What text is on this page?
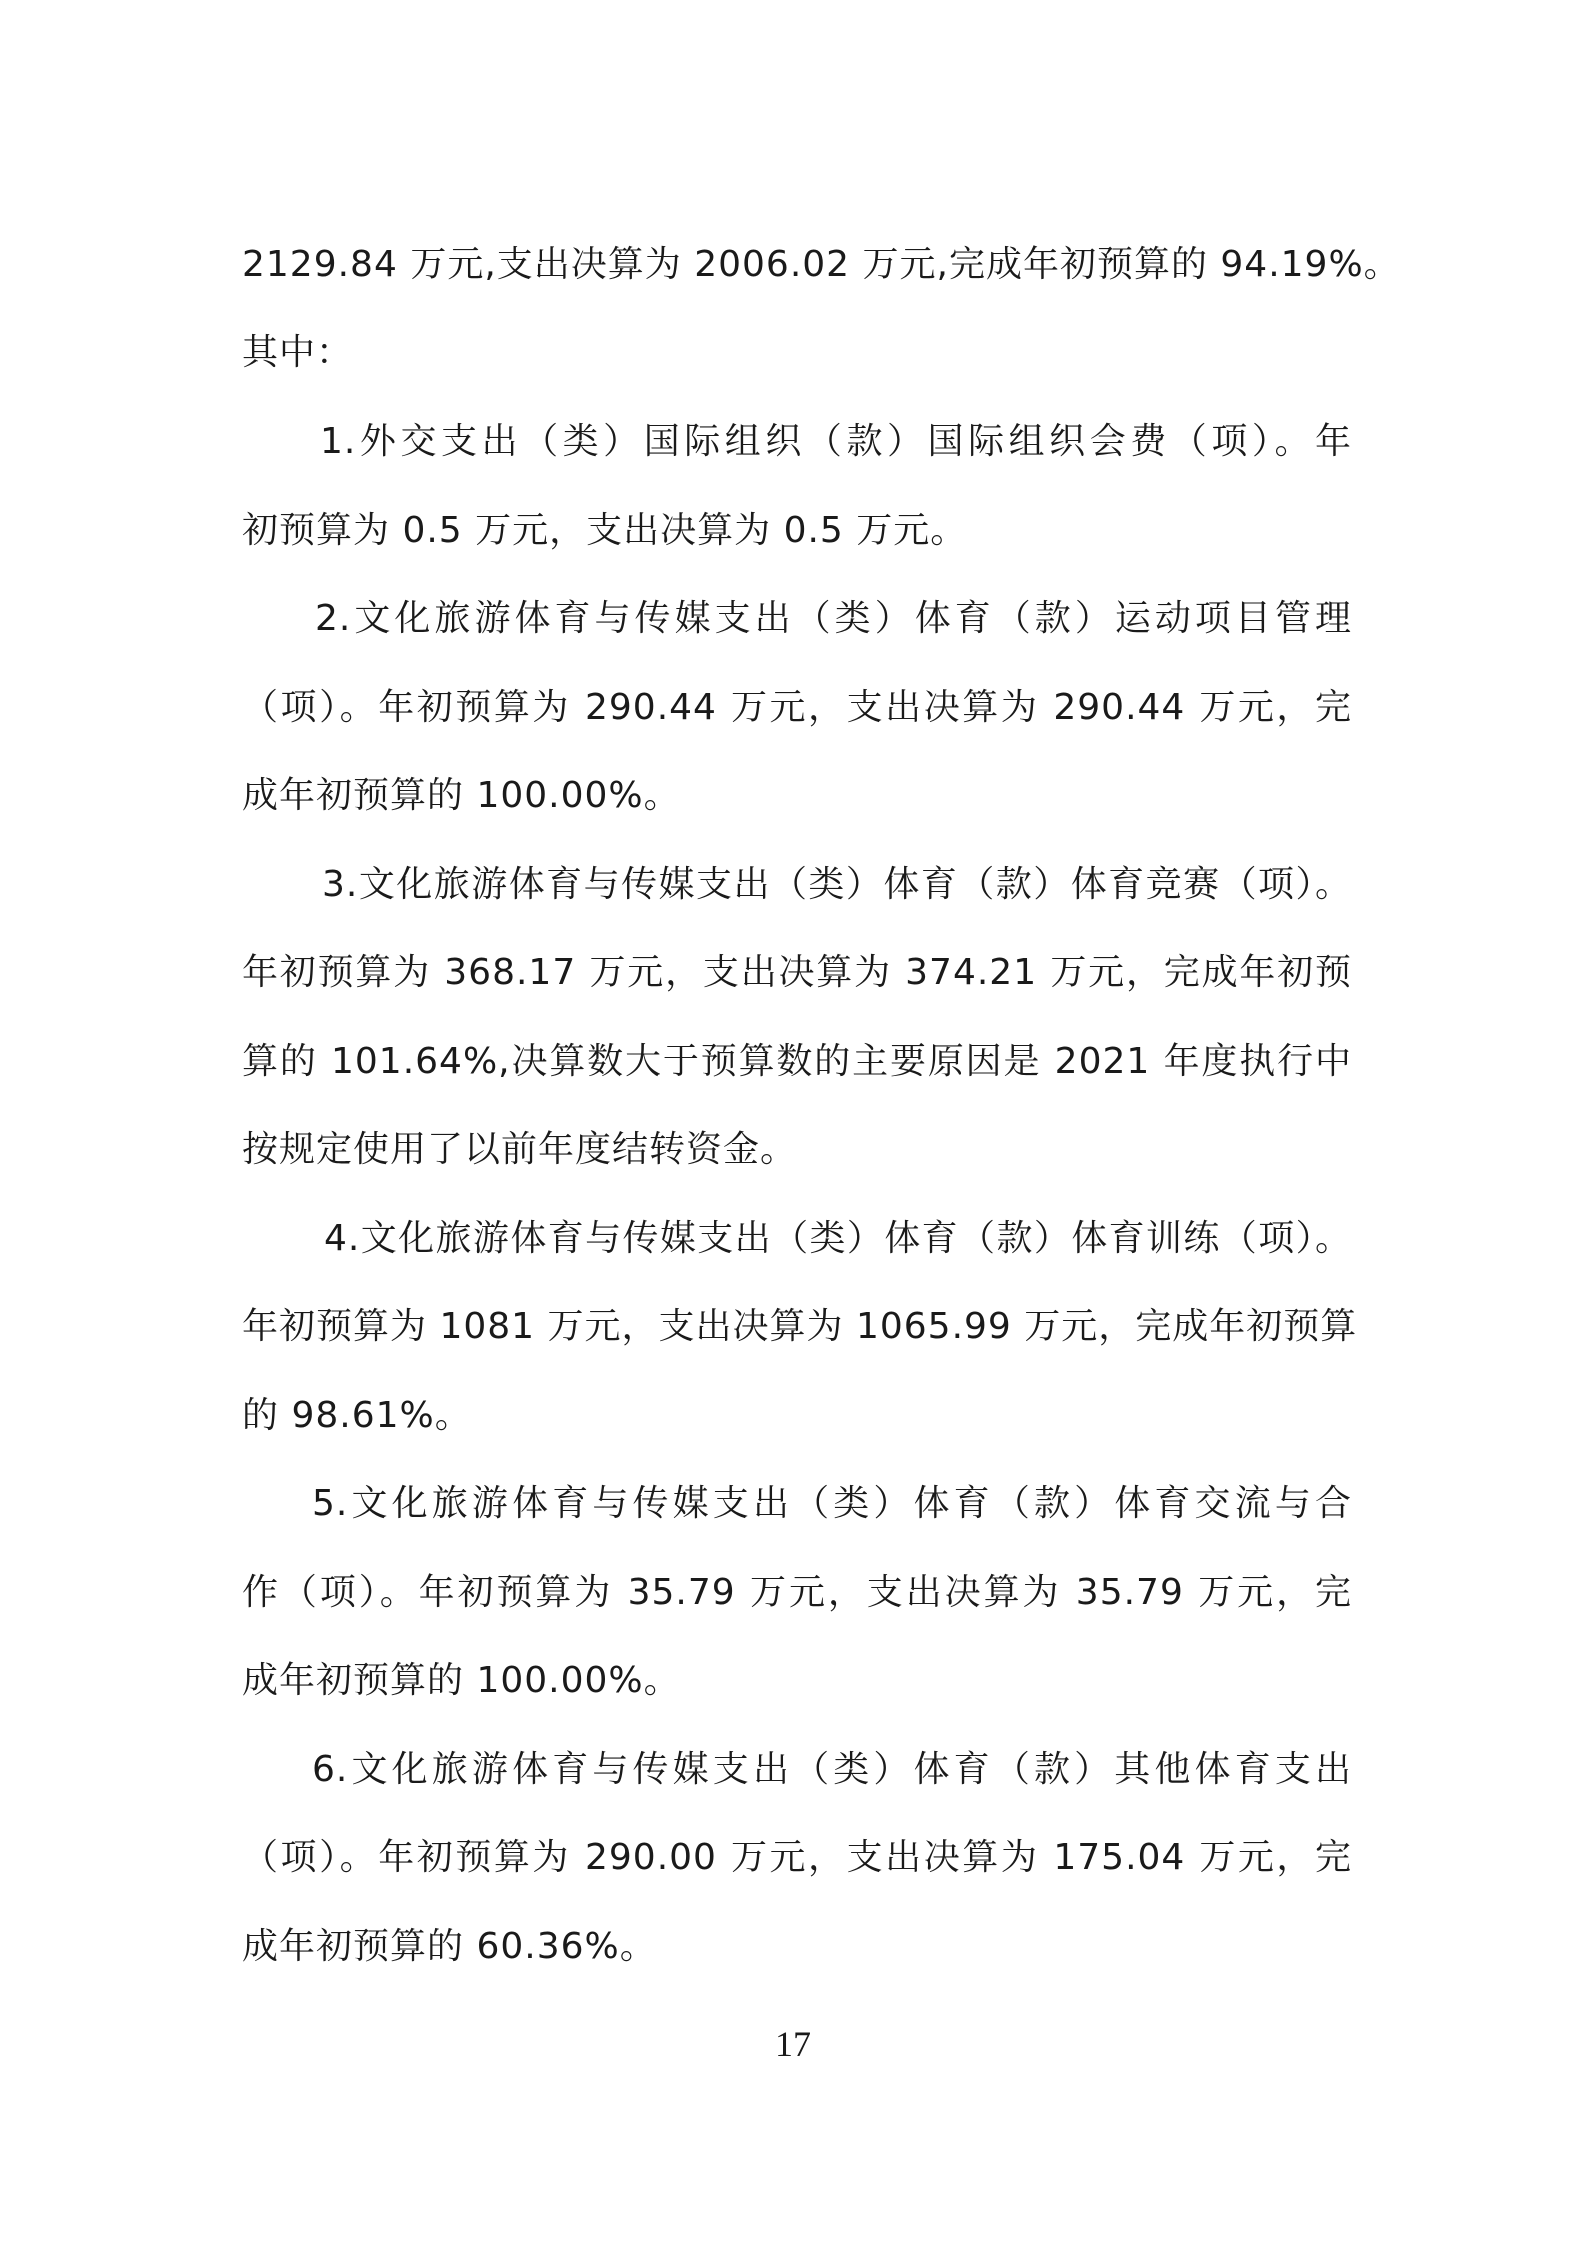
2129.84 万元,支出决算为 2006.02 万元,完成年初预算的 94.19%。
其中：
1.外交支出（类）国际组织（款）国际组织会费（项）。年
初预算为 0.5 万元，支出决算为 0.5 万元。
2.文化旅游体育与传媒支出（类）体育（款）运动项目管理
（项）。年初预算为 290.44 万元，支出决算为 290.44 万元，完
成年初预算的 100.00%。
3.文化旅游体育与传媒支出（类）体育（款）体育竞赛（项）。
年初预算为 368.17 万元，支出决算为 374.21 万元，完成年初预
算的 101.64%,决算数大于预算数的主要原因是 2021 年度执行中
按规定使用了以前年度结转资金。
4.文化旅游体育与传媒支出（类）体育（款）体育训练（项）。
年初预算为 1081 万元，支出决算为 1065.99 万元，完成年初预算
的 98.61%。
5.文化旅游体育与传媒支出（类）体育（款）体育交流与合
作（项）。年初预算为 35.79 万元，支出决算为 35.79 万元，完
成年初预算的 100.00%。
6.文化旅游体育与传媒支出（类）体育（款）其他体育支出
（项）。年初预算为 290.00 万元，支出决算为 175.04 万元，完
成年初预算的 60.36%。
17
